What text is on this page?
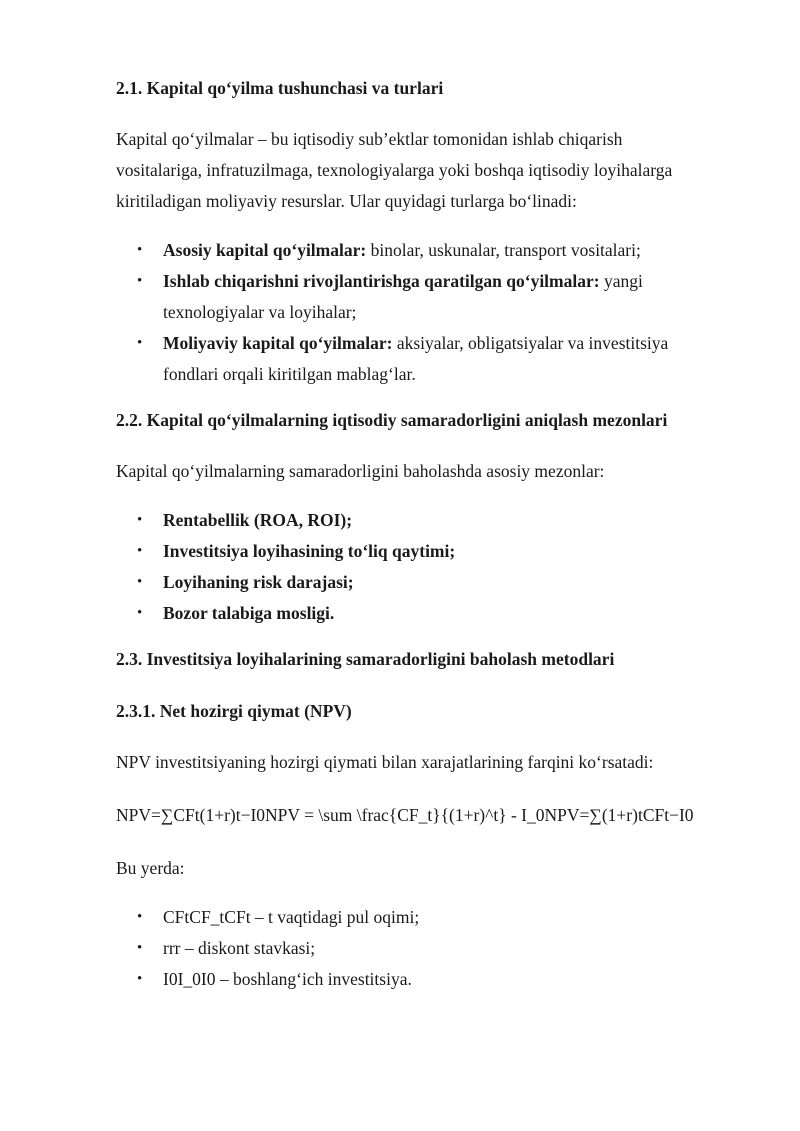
2.1. Kapital qo‘yilma tushunchasi va turlari

Kapital qo‘yilmalar – bu iqtisodiy sub’ektlar tomonidan ishlab chiqarish
vositalariga, infratuzilmaga, texnologiyalarga yoki boshqa iqtisodiy loyihalarga
kiritiladigan moliyaviy resurslar. Ular quyidagi turlarga bo‘linadi:

• Asosiy kapital qo‘yilmalar: binolar, uskunalar, transport vositalari;
• Ishlab chiqarishni rivojlantirishga qaratilgan qo‘yilmalar: yangi
texnologiyalar va loyihalar;
• Moliyaviy kapital qo‘yilmalar: aksiyalar, obligatsiyalar va investitsiya
fondlari orqali kiritilgan mablag‘lar.
2.2. Kapital qo‘yilmalarning iqtisodiy samaradorligini aniqlash mezonlari

Kapital qo‘yilmalarning samaradorligini baholashda asosiy mezonlar:

• Rentabellik (ROA, ROI);
• Investitsiya loyihasining to‘liq qaytimi;
• Loyihaning risk darajasi;
• Bozor talabiga mosligi.
2.3. Investitsiya loyihalarining samaradorligini baholash metodlari
2.3.1. Net hozirgi qiymat (NPV)

NPV investitsiyaning hozirgi qiymati bilan xarajatlarining farqini ko‘rsatadi:

NPV=∑CFt(1+r)t−I0NPV = \sum \frac{CF_t}{(1+r)^t} - I_0NPV=∑(1+r)tCFt−I0

Bu yerda:

• CFtCF_tCFt – t vaqtidagi pul oqimi;
• rrr – diskont stavkasi;
• I0I_0I0 – boshlang‘ich investitsiya.
